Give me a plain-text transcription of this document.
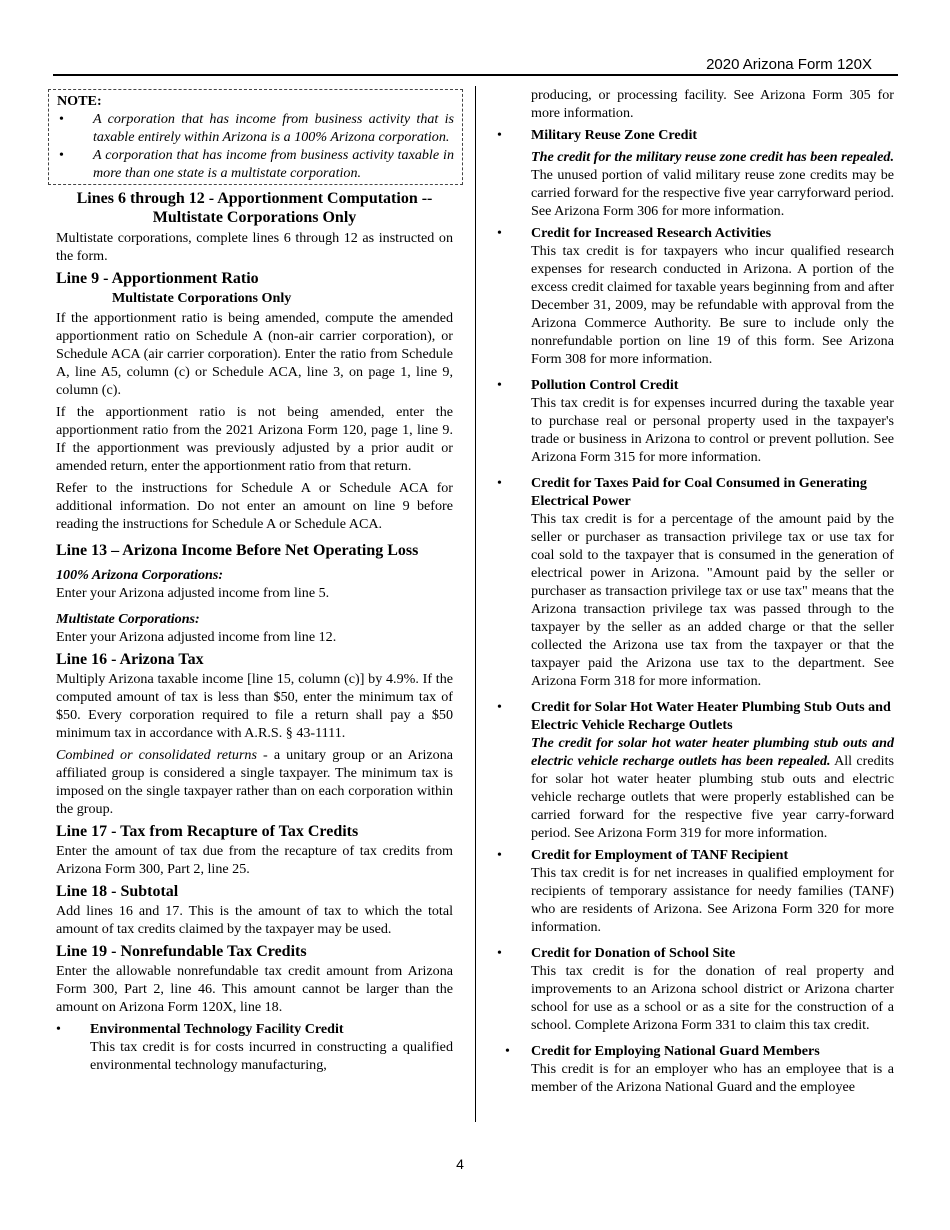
2020 Arizona Form 120X
NOTE:
•	A corporation that has income from business activity that is taxable entirely within Arizona is a 100% Arizona corporation.
•	A corporation that has income from business activity taxable in more than one state is a multistate corporation.
Lines 6 through 12 - Apportionment Computation -- Multistate Corporations Only

Multistate corporations, complete lines 6 through 12 as instructed on the form.

Line 9 - Apportionment Ratio
Multistate Corporations Only

If the apportionment ratio is being amended, compute the amended apportionment ratio on Schedule A (non-air carrier corporation), or Schedule ACA (air carrier corporation). Enter the ratio from Schedule A, line A5, column (c) or Schedule ACA, line 3, on page 1, line 9, column (c).

If the apportionment ratio is not being amended, enter the apportionment ratio from the 2021 Arizona Form 120, page 1, line 9. If the apportionment was previously adjusted by a prior audit or amended return, enter the apportionment ratio from that return.

Refer to the instructions for Schedule A or Schedule ACA for additional information. Do not enter an amount on line 9 before reading the instructions for Schedule A or Schedule ACA.

Line 13 – Arizona Income Before Net Operating Loss
100% Arizona Corporations:

Enter your Arizona adjusted income from line 5.

Multistate Corporations:

Enter your Arizona adjusted income from line 12.

Line 16 - Arizona Tax

Multiply Arizona taxable income [line 15, column (c)] by 4.9%. If the computed amount of tax is less than $50, enter the minimum tax of $50. Every corporation required to file a return shall pay a $50 minimum tax in accordance with A.R.S. § 43-1111.

Combined or consolidated returns - a unitary group or an Arizona affiliated group is considered a single taxpayer. The minimum tax is imposed on the single taxpayer rather than on each corporation within the group.

Line 17 - Tax from Recapture of Tax Credits

Enter the amount of tax due from the recapture of tax credits from Arizona Form 300, Part 2, line 25.

Line 18 - Subtotal

Add lines 16 and 17. This is the amount of tax to which the total amount of tax credits claimed by the taxpayer may be used.

Line 19 - Nonrefundable Tax Credits

Enter the allowable nonrefundable tax credit amount from Arizona Form 300, Part 2, line 46. This amount cannot be larger than the amount on Arizona Form 120X, line 18.

•	Environmental Technology Facility Credit

This tax credit is for costs incurred in constructing a qualified environmental technology manufacturing,

producing, or processing facility. See Arizona Form 305 for more information.

•	Military Reuse Zone Credit

The credit for the military reuse zone credit has been repealed. The unused portion of valid military reuse zone credits may be carried forward for the respective five year carryforward period. See Arizona Form 306 for more information.

•	Credit for Increased Research Activities

This tax credit is for taxpayers who incur qualified research expenses for research conducted in Arizona. A portion of the excess credit claimed for taxable years beginning from and after December 31, 2009, may be refundable with approval from the Arizona Commerce Authority. Be sure to include only the nonrefundable portion on line 19 of this form. See Arizona Form 308 for more information.

•	Pollution Control Credit

This tax credit is for expenses incurred during the taxable year to purchase real or personal property used in the taxpayer's trade or business in Arizona to control or prevent pollution. See Arizona Form 315 for more information.

•	Credit for Taxes Paid for Coal Consumed in Generating Electrical Power

This tax credit is for a percentage of the amount paid by the seller or purchaser as transaction privilege tax or use tax for coal sold to the taxpayer that is consumed in the generation of electrical power in Arizona. "Amount paid by the seller or purchaser as transaction privilege tax or use tax" means that the Arizona transaction privilege tax was passed through to the taxpayer by the seller as an added charge or that the seller collected the Arizona use tax from the taxpayer or that the taxpayer paid the Arizona use tax to the department. See Arizona Form 318 for more information.

•	Credit for Solar Hot Water Heater Plumbing Stub Outs and Electric Vehicle Recharge Outlets

The credit for solar hot water heater plumbing stub outs and electric vehicle recharge outlets has been repealed. All credits for solar hot water heater plumbing stub outs and electric vehicle recharge outlets that were properly established can be carried forward for the respective five year carry-forward period. See Arizona Form 319 for more information.

•	Credit for Employment of TANF Recipient

This tax credit is for net increases in qualified employment for recipients of temporary assistance for needy families (TANF) who are residents of Arizona. See Arizona Form 320 for more information.

•	Credit for Donation of School Site

This tax credit is for the donation of real property and improvements to an Arizona school district or Arizona charter school for use as a school or as a site for the construction of a school. Complete Arizona Form 331 to claim this tax credit.

•	Credit for Employing National Guard Members

This credit is for an employer who has an employee that is a member of the Arizona National Guard and the employee

4
